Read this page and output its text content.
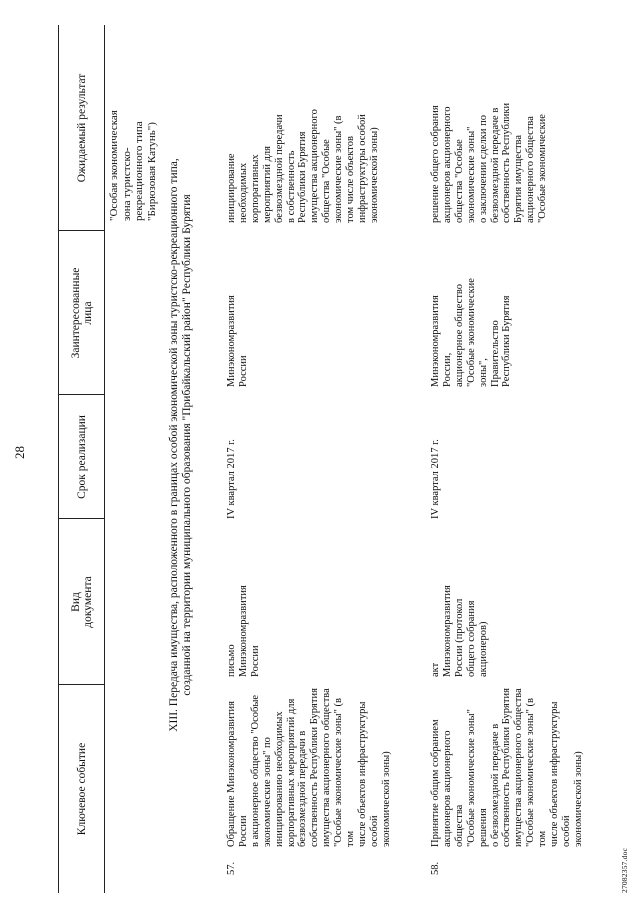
28
Ключевое событие
Вид
документа
Срок реализации
Заинтересованные
лица
Ожидаемый результат
"Особая экономическая
зона туристско-
рекреационного типа
"Бирюзовая Катунь")
XIII. Передача имущества, расположенного в границах особой экономической зоны туристско-рекреационного типа,
созданной на территории муниципального образования "Прибайкальский район" Республики Бурятия
57.
Обращение Минэкономразвития России
в акционерное общество "Особые
экономические зоны" по
инициированию необходимых
корпоративных мероприятий для
безвозмездной передачи в
собственность Республики Бурятия
имущества акционерного общества
"Особые экономические зоны" (в том
числе объектов инфраструктуры особой
экономической зоны)
письмо
Минэкономразвития
России
IV квартал 2017 г.
Минэкономразвития
России
инициирование
необходимых
корпоративных
мероприятий для
безвозмездной передачи
в собственность
Республики Бурятия
имущества акционерного
общества "Особые
экономические зоны" (в
том числе объектов
инфраструктуры особой
экономической зоны)
58.
Принятие общим собранием
акционеров акционерного общества
"Особые экономические зоны" решения
о безвозмездной передаче в
собственность Республики Бурятия
имущества акционерного общества
"Особые экономические зоны" (в том
числе объектов инфраструктуры особой
экономической зоны)
акт
Минэкономразвития
России (протокол
общего собрания
акционеров)
IV квартал 2017 г.
Минэкономразвития
России,
акционерное общество
"Особые экономические
зоны",
Правительство
Республики Бурятия
решение общего собрания
акционеров акционерного
общества "Особые
экономические зоны"
о заключении сделки по
безвозмездной передаче в
собственность Республики
Бурятия имущества
акционерного общества
"Особые экономические
27082357.doc
